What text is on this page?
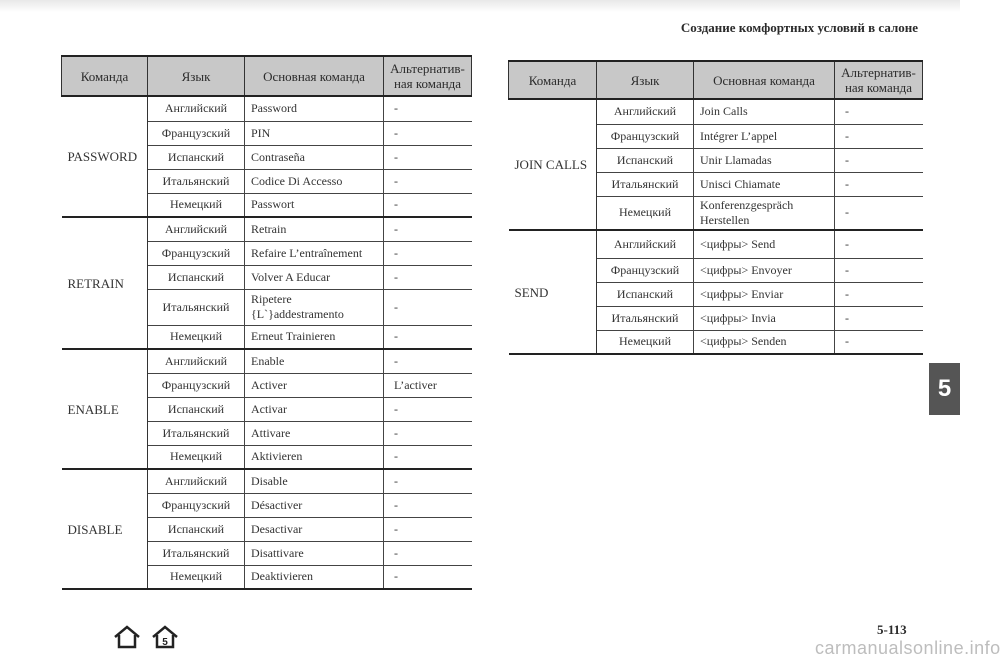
Создание комфортных условий в салоне
Команда	Язык	Основная команда	Альтернатив-ная команда
PASSWORD	Английский	Password	-
	Французский	PIN	-
	Испанский	Contraseña	-
	Итальянский	Codice Di Accesso	-
	Немецкий	Passwort	-
RETRAIN	Английский	Retrain	-
	Французский	Refaire L’entraînement	-
	Испанский	Volver A Educar	-
	Итальянский	Ripetere {L`}addestramento	-
	Немецкий	Erneut Trainieren	-
ENABLE	Английский	Enable	-
	Французский	Activer	L’activer
	Испанский	Activar	-
	Итальянский	Attivare	-
	Немецкий	Aktivieren	-
DISABLE	Английский	Disable	-
	Французский	Désactiver	-
	Испанский	Desactivar	-
	Итальянский	Disattivare	-
	Немецкий	Deaktivieren	-
Команда	Язык	Основная команда	Альтернатив-ная команда
JOIN CALLS	Английский	Join Calls	-
	Французский	Intégrer L’appel	-
	Испанский	Unir Llamadas	-
	Итальянский	Unisci Chiamate	-
	Немецкий	Konferenzgespräch Herstellen	-
SEND	Английский	<цифры> Send	-
	Французский	<цифры> Envoyer	-
	Испанский	<цифры> Enviar	-
	Итальянский	<цифры> Invia	-
	Немецкий	<цифры> Senden	-
5
5-113
carmanualsonline.info
5
